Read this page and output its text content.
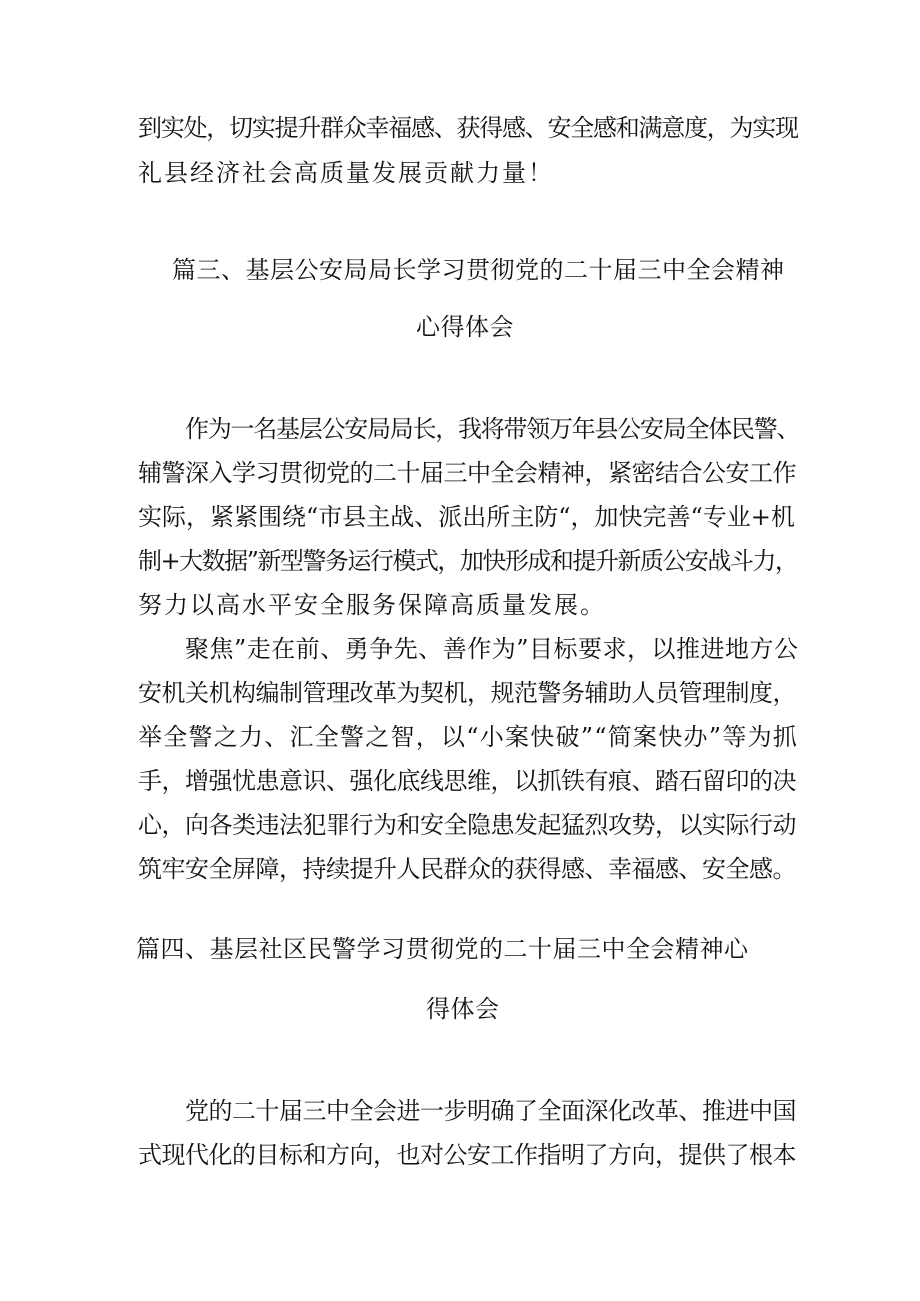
到实处，切实提升群众幸福感、获得感、安全感和满意度，为实现
礼县经济社会高质量发展贡献力量！
篇三、基层公安局局长学习贯彻党的二十届三中全会精神
心得体会
作为一名基层公安局局长，我将带领万年县公安局全体民警、
辅警深入学习贯彻党的二十届三中全会精神，紧密结合公安工作
实际，紧紧围绕“市县主战、派出所主防“，加快完善“专业+机
制+大数据”新型警务运行模式，加快形成和提升新质公安战斗力，
努力以高水平安全服务保障高质量发展。
聚焦”走在前、勇争先、善作为”目标要求，以推进地方公
安机关机构编制管理改革为契机，规范警务辅助人员管理制度，
举全警之力、汇全警之智，以“小案快破”“简案快办”等为抓
手，增强忧患意识、强化底线思维，以抓铁有痕、踏石留印的决
心，向各类违法犯罪行为和安全隐患发起猛烈攻势，以实际行动
筑牢安全屏障，持续提升人民群众的获得感、幸福感、安全感。
篇四、基层社区民警学习贯彻党的二十届三中全会精神心
得体会
党的二十届三中全会进一步明确了全面深化改革、推进中国
式现代化的目标和方向，也对公安工作指明了方向，提供了根本
